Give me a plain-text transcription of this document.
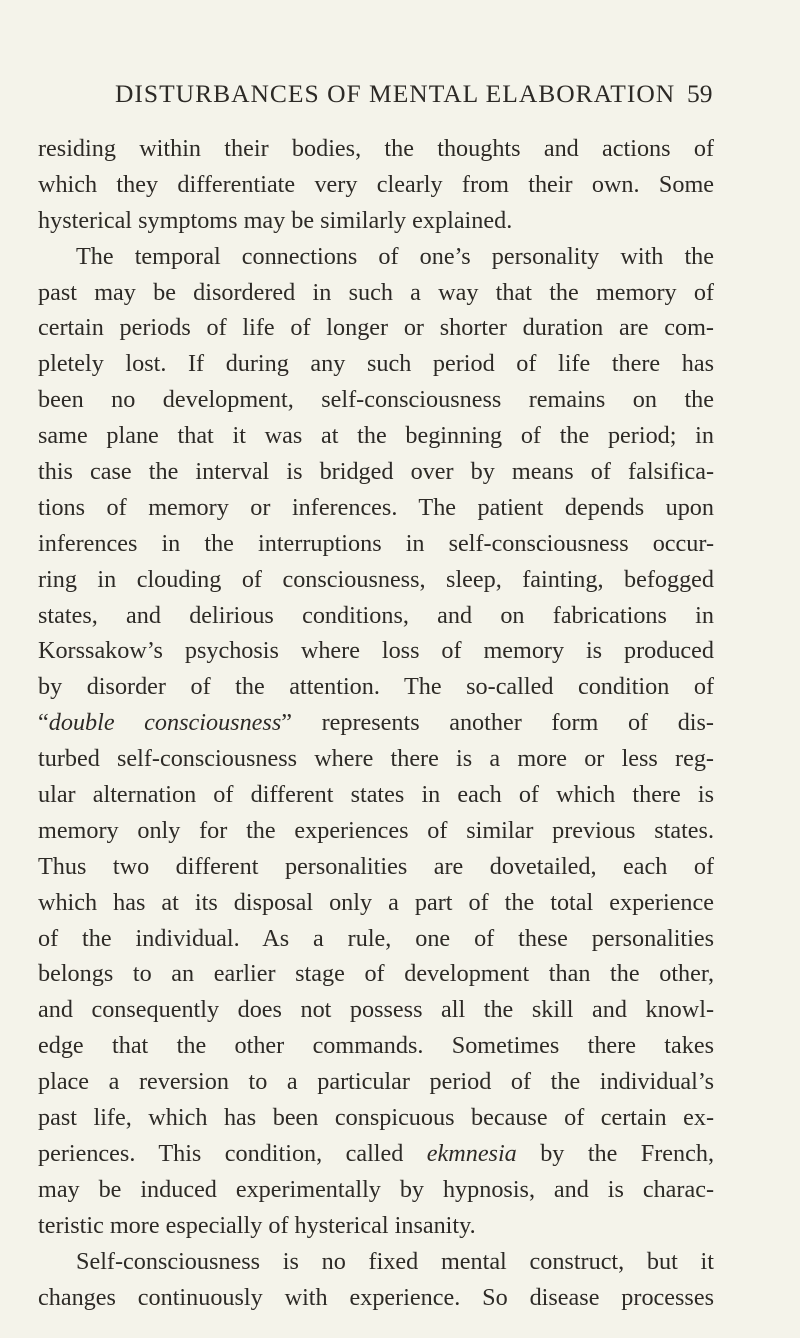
DISTURBANCES OF MENTAL ELABORATION 59
residing within their bodies, the thoughts and actions of
which they differentiate very clearly from their own. Some
hysterical symptoms may be similarly explained.
The temporal connections of one’s personality with the
past may be disordered in such a way that the memory of
certain periods of life of longer or shorter duration are com-
pletely lost. If during any such period of life there has
been no development, self-consciousness remains on the
same plane that it was at the beginning of the period; in
this case the interval is bridged over by means of falsifica-
tions of memory or inferences. The patient depends upon
inferences in the interruptions in self-consciousness occur-
ring in clouding of consciousness, sleep, fainting, befogged
states, and delirious conditions, and on fabrications in
Korssakow’s psychosis where loss of memory is produced
by disorder of the attention. The so-called condition of
“double consciousness” represents another form of dis-
turbed self-consciousness where there is a more or less reg-
ular alternation of different states in each of which there is
memory only for the experiences of similar previous states.
Thus two different personalities are dovetailed, each of
which has at its disposal only a part of the total experience
of the individual. As a rule, one of these personalities
belongs to an earlier stage of development than the other,
and consequently does not possess all the skill and knowl-
edge that the other commands. Sometimes there takes
place a reversion to a particular period of the individual’s
past life, which has been conspicuous because of certain ex-
periences. This condition, called ekmnesia by the French,
may be induced experimentally by hypnosis, and is charac-
teristic more especially of hysterical insanity.
Self-consciousness is no fixed mental construct, but it
changes continuously with experience. So disease processes
